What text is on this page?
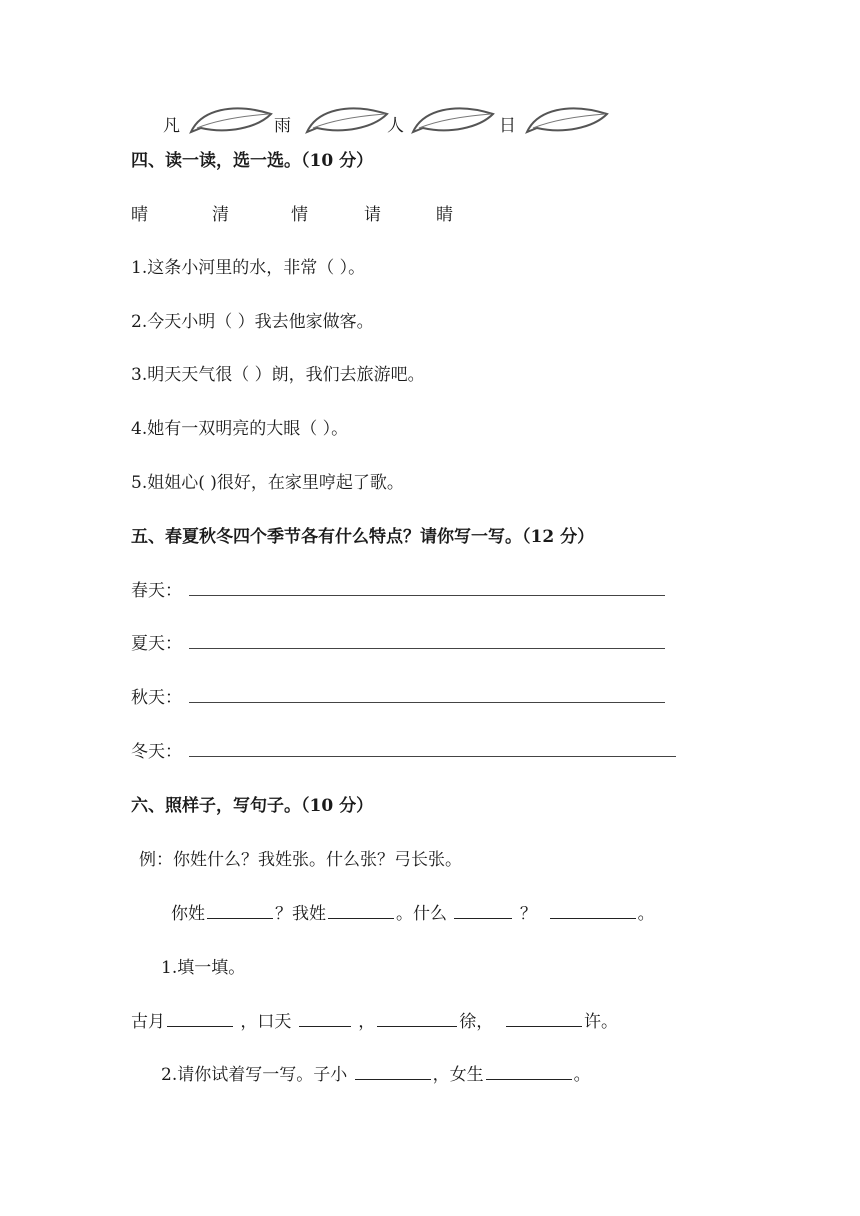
凡	雨	人	日
四、读一读，选一选。（10 分）
晴	清	情	请	睛
1.这条小河里的水，非常（ ）。
2.今天小明（ ）我去他家做客。
3.明天天气很（ ）朗，我们去旅游吧。
4.她有一双明亮的大眼（ ）。
5.姐姐心( )很好，在家里哼起了歌。
五、春夏秋冬四个季节各有什么特点？请你写一写。（12 分）
春天：
夏天：
秋天：
冬天：
六、照样子，写句子。（10 分）
例：你姓什么？我姓张。什么张？弓长张。
你姓	？我姓	。什么	？	。
1.填一填。
古月	，口天	，	徐，	许。
2.请你试着写一写。子小	，女生	。
